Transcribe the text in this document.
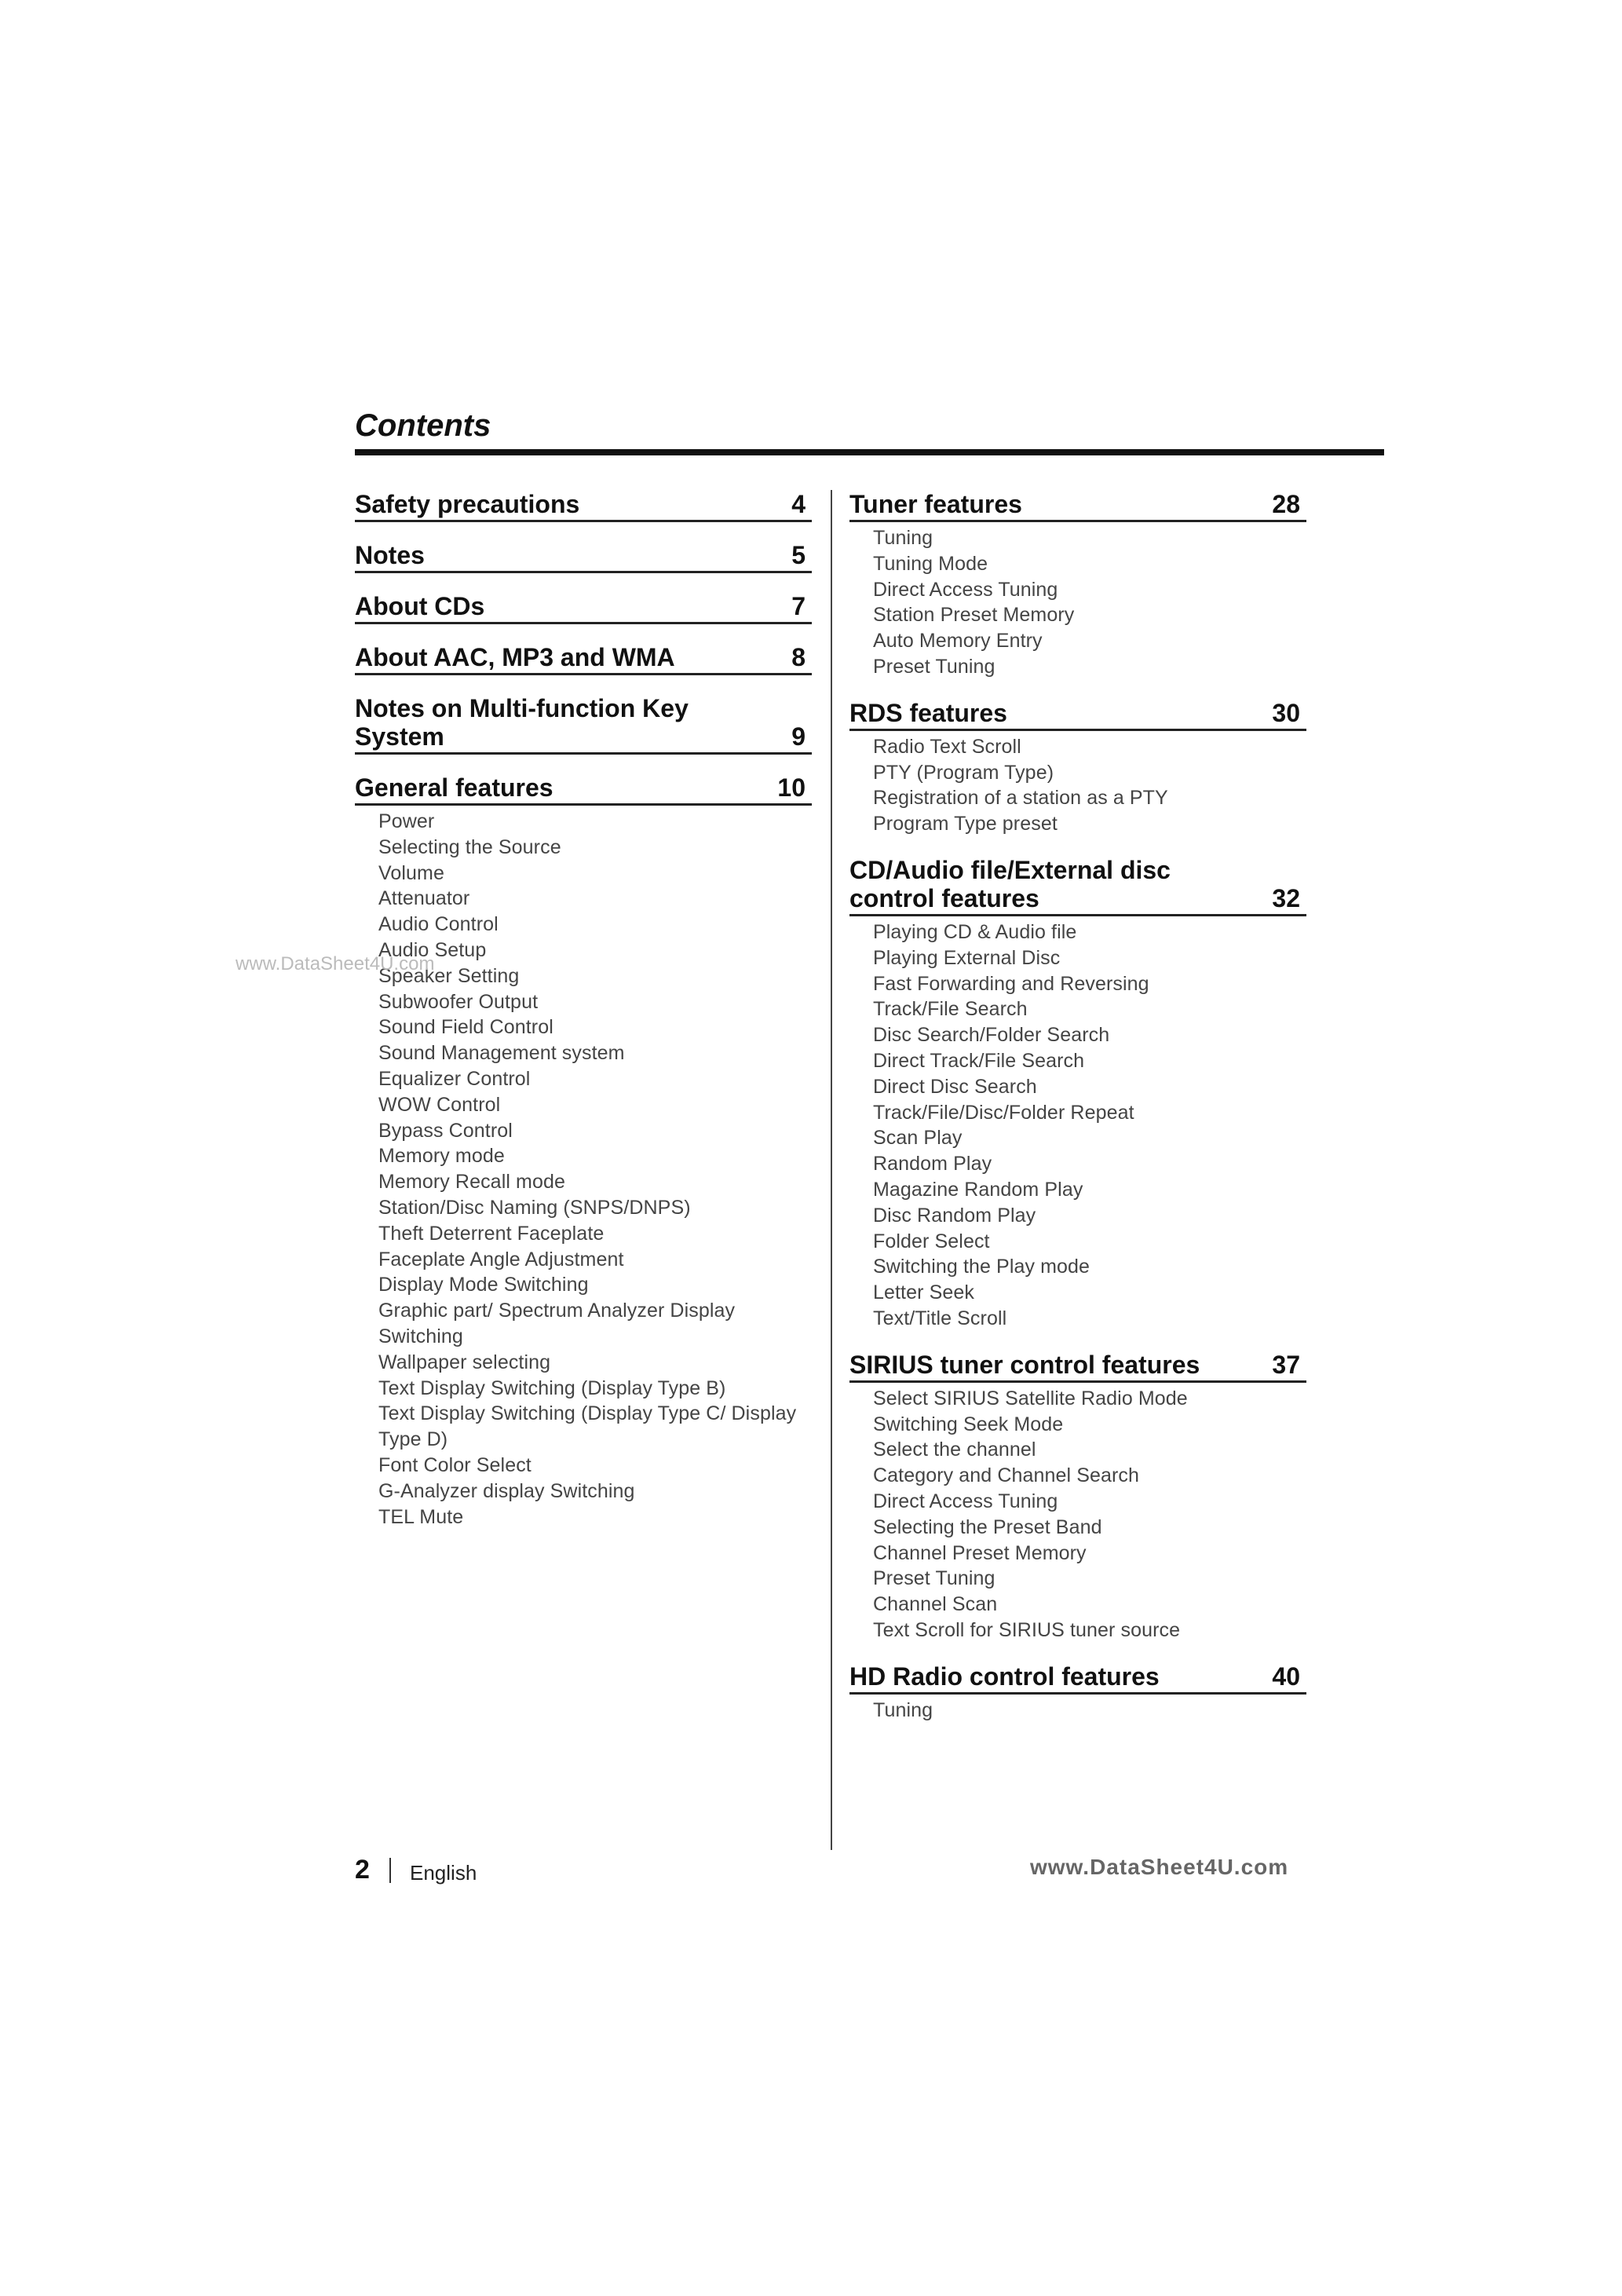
Contents
Safety precautions	4
Notes	5
About CDs	7
About AAC, MP3 and WMA	8
Notes on Multi-function Key System	9
General features	10
Power
Selecting the Source
Volume
Attenuator
Audio Control
Audio Setup
Speaker Setting
Subwoofer Output
Sound Field Control
Sound Management system
Equalizer Control
WOW Control
Bypass Control
Memory mode
Memory Recall mode
Station/Disc Naming (SNPS/DNPS)
Theft Deterrent Faceplate
Faceplate Angle Adjustment
Display Mode Switching
Graphic part/ Spectrum Analyzer Display Switching
Wallpaper selecting
Text Display Switching (Display Type B)
Text Display Switching (Display Type C/ Display Type D)
Font Color Select
G-Analyzer display Switching
TEL Mute
Tuner features	28
Tuning
Tuning Mode
Direct Access Tuning
Station Preset Memory
Auto Memory Entry
Preset Tuning
RDS features	30
Radio Text Scroll
PTY (Program Type)
Registration of a station as a PTY
Program Type preset
CD/Audio file/External disc control features	32
Playing CD & Audio file
Playing External Disc
Fast Forwarding and Reversing
Track/File Search
Disc Search/Folder Search
Direct Track/File Search
Direct Disc Search
Track/File/Disc/Folder Repeat
Scan Play
Random Play
Magazine Random Play
Disc Random Play
Folder Select
Switching the Play mode
Letter Seek
Text/Title Scroll
SIRIUS tuner control features	37
Select SIRIUS Satellite Radio Mode
Switching Seek Mode
Select the channel
Category and Channel Search
Direct Access Tuning
Selecting the Preset Band
Channel Preset Memory
Preset Tuning
Channel Scan
Text Scroll for SIRIUS tuner source
HD Radio control features	40
Tuning
www.DataSheet4U.com
2 English	www.DataSheet4U.com
